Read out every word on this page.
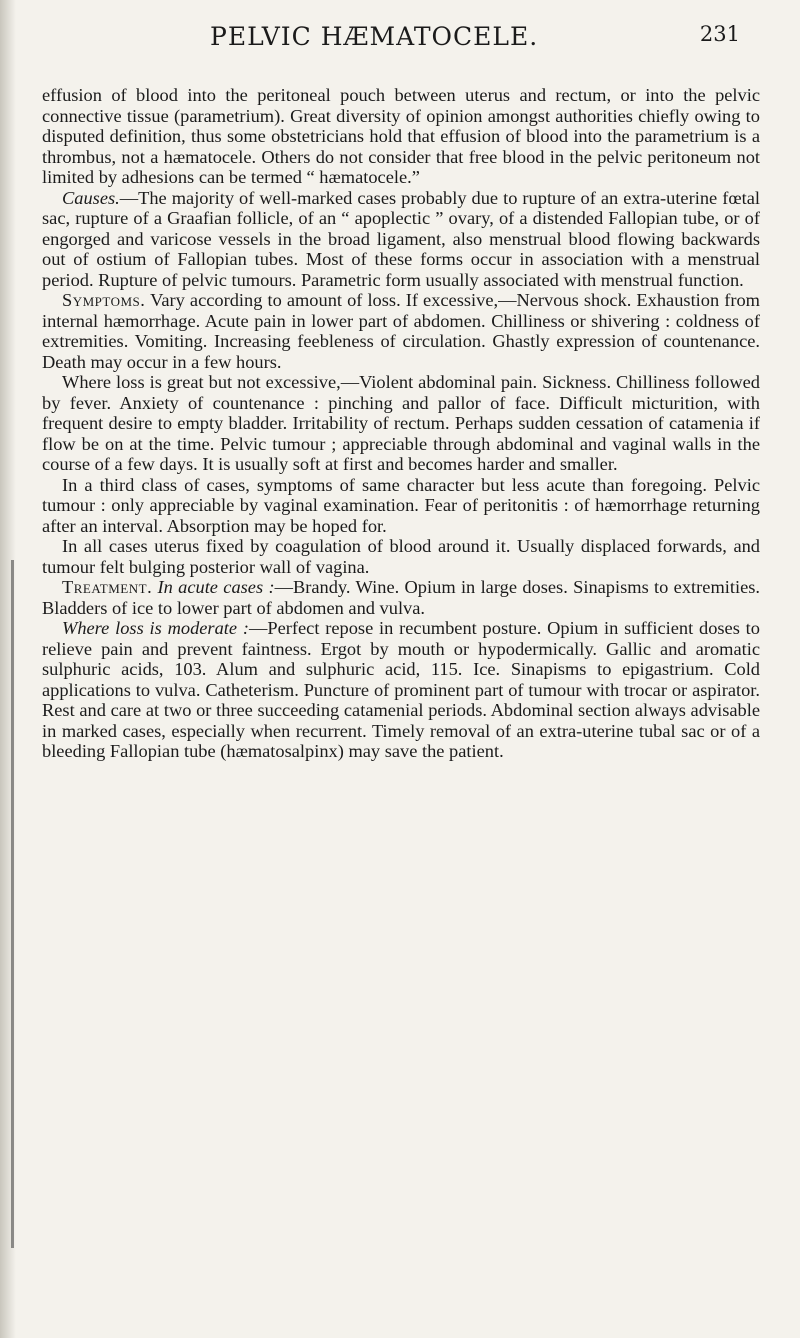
PELVIC HÆMATOCELE.	231

effusion of blood into the peritoneal pouch between uterus and rectum, or into the pelvic connective tissue (parametrium). Great diversity of opinion amongst authorities chiefly owing to disputed definition, thus some obstetricians hold that effusion of blood into the parametrium is a thrombus, not a hæmatocele. Others do not consider that free blood in the pelvic peritoneum not limited by adhesions can be termed “ hæmatocele.”

Causes.—The majority of well-marked cases probably due to rupture of an extra-uterine fœtal sac, rupture of a Graafian follicle, of an “ apoplectic ” ovary, of a distended Fallopian tube, or of engorged and varicose vessels in the broad ligament, also menstrual blood flowing backwards out of ostium of Fallopian tubes. Most of these forms occur in association with a menstrual period. Rupture of pelvic tumours. Parametric form usually associated with menstrual function.

Symptoms. Vary according to amount of loss. If excessive,—Nervous shock. Exhaustion from internal hæmorrhage. Acute pain in lower part of abdomen. Chilliness or shivering : coldness of extremities. Vomiting. Increasing feebleness of circulation. Ghastly expression of countenance. Death may occur in a few hours.

Where loss is great but not excessive,—Violent abdominal pain. Sickness. Chilliness followed by fever. Anxiety of countenance : pinching and pallor of face. Difficult micturition, with frequent desire to empty bladder. Irritability of rectum. Perhaps sudden cessation of catamenia if flow be on at the time. Pelvic tumour ; appreciable through abdominal and vaginal walls in the course of a few days. It is usually soft at first and becomes harder and smaller.

In a third class of cases, symptoms of same character but less acute than foregoing. Pelvic tumour : only appreciable by vaginal examination. Fear of peritonitis : of hæmorrhage returning after an interval. Absorption may be hoped for.

In all cases uterus fixed by coagulation of blood around it. Usually displaced forwards, and tumour felt bulging posterior wall of vagina.

Treatment. In acute cases :—Brandy. Wine. Opium in large doses. Sinapisms to extremities. Bladders of ice to lower part of abdomen and vulva.

Where loss is moderate :—Perfect repose in recumbent posture. Opium in sufficient doses to relieve pain and prevent faintness. Ergot by mouth or hypodermically. Gallic and aromatic sulphuric acids, 103. Alum and sulphuric acid, 115. Ice. Sinapisms to epigastrium. Cold applications to vulva. Catheterism. Puncture of prominent part of tumour with trocar or aspirator. Rest and care at two or three succeeding catamenial periods. Abdominal section always advisable in marked cases, especially when recurrent. Timely removal of an extra-uterine tubal sac or of a bleeding Fallopian tube (hæmatosalpinx) may save the patient.
